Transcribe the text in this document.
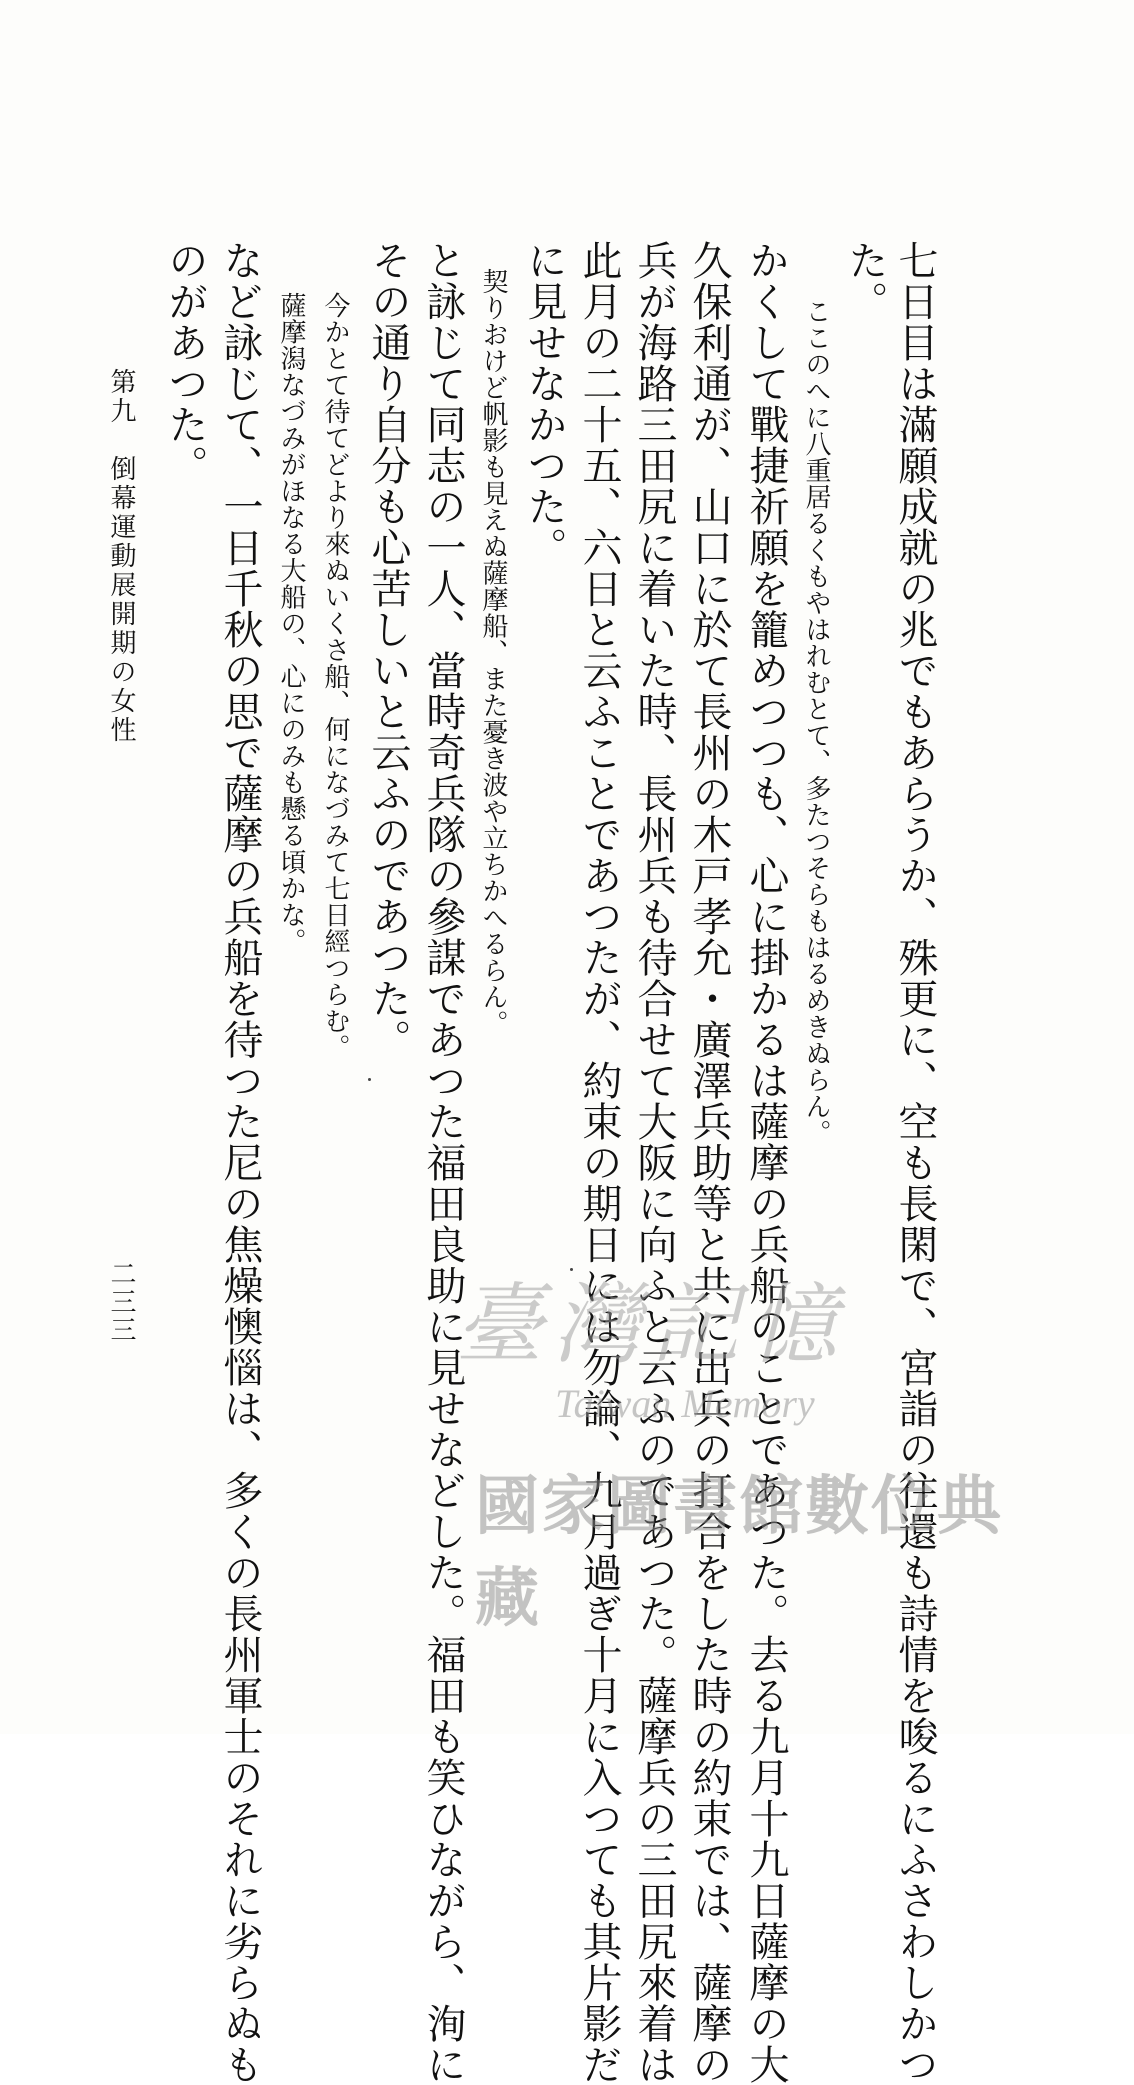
七日目は滿願成就の兆でもあらうか、殊更に、空も長閑で、宮詣の往還も詩情を唆るにふさわしかつ
た。
ここのへに八重居るくもやはれむとて、多たつそらもはるめきぬらん。
かくして戰捷祈願を籠めつつも、心に掛かるは薩摩の兵船のことであつた。去る九月十九日薩摩の大
久保利通が、山口に於て長州の木戸孝允・廣澤兵助等と共に出兵の打合をした時の約束では、薩摩の
兵が海路三田尻に着いた時、長州兵も待合せて大阪に向ふと云ふのであつた。薩摩兵の三田尻來着は
此月の二十五、六日と云ふことであつたが、約束の期日には勿論、九月過ぎ十月に入つても其片影だ
に見せなかつた。
契りおけど帆影も見えぬ薩摩船、また憂き波や立ちかへるらん。
と詠じて同志の一人、當時奇兵隊の參謀であつた福田良助に見せなどした。福田も笑ひながら、洵に
その通り自分も心苦しいと云ふのであつた。
今かとて待てどより來ぬいくさ船、何になづみて七日經つらむ。
薩摩潟なづみがほなる大船の、心にのみも懸る頃かな。
など詠じて、一日千秋の思で薩摩の兵船を待つた尼の焦燥懊惱は、多くの長州軍士のそれに劣らぬも
のがあつた。
第九　倒幕運動展開期の女性
二三三	臺灣記憶
Taiwan Memory
國家圖書館數位典藏
